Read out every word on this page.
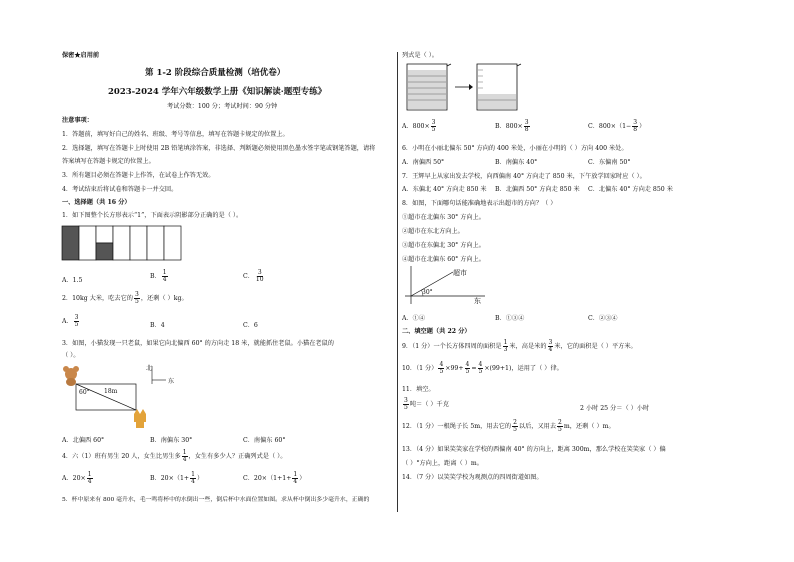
保密★启用前
第 1-2 阶段综合质量检测（培优卷）
2023-2024 学年六年级数学上册《知识解读·题型专练》
考试分数：100 分；考试时间：90 分钟
注意事项：
1．答题前，填写好自己的姓名、班级、考号等信息，填写在答题卡规定的位置上。
2．选择题，填写在答题卡上时使用 2B 铅笔填涂答案，非选择、判断题必须使用黑色墨水签字笔或钢笔答题，请将
答案填写在答题卡规定的位置上。
3．所有题目必须在答题卡上作答，在试卷上作答无效。
4．考试结束后将试卷和答题卡一并交回。
一、选择题（共 16 分）
1．如下图整个长方形表示“1”，下面表示阴影部分正确的是（ ）。
A．1.5
B． $\frac{1}{4}$	C． $\frac{3}{10}$
2．10kg 大米，吃去它的 $\frac{3}{5}$ ，还剩（ ）kg。
A． $\frac{3}{5}$	B．4	C．6
3．如图，小猫发现一只老鼠，如果它向北偏西 60° 的方向走 18 米，就能抓住老鼠。小猫在老鼠的
（ ）。
北
东
18m
60°
A．北偏西 60°	B．南偏东 30°	C．南偏东 60°
4．六（1）班有男生 20 人，女生比男生多 $\frac{1}{4}$ ，女生有多少人？正确列式是（ ）。
A．$20\times \frac{1}{4}$	B．$20\times(1+ \frac{1}{4}$ ）	C．$20\times(1+1+ \frac{1}{4}$ ）
5．杯中原来有 800 毫升水，毛一鸣将杯中的水倒出一些，倒后杯中水面位置如图。求从杯中倒出多少毫升水，正确的
列式是（ ）。
A．$800\times \frac{3}{5}$	B．$800\times \frac{3}{8}$	C．$800\times(1- \frac{3}{8}$ ）
6．小明在小丽北偏东 50° 方向的 400 米处，小丽在小明的（ ）方向 400 米处。
A．南偏西 50°	B．南偏东 40°	C．东偏南 50°
7．王辉早上从家出发去学校，向西偏南 40° 方向走了 850 米，下午放学回家时应（ ）。
A．东偏北 40° 方向走 850 米 B．北偏西 50° 方向走 850 米 C．北偏东 40° 方向走 850 米
8．如图，下面哪句话能准确地表示出超市的方向？（ ）
①超市在北偏东 30° 方向上。
②超市在东北方向上。
③超市在东偏北 30° 方向上。
④超市在北偏东 60° 方向上。
超市
东
30°
A．①④	B．①③④	C．②③④
二、填空题（共 22 分）
9．（1 分）一个长方体四周的面积是 $\frac{1}{3}$ 米，高是米的 $\frac{3}{4}$ 米，它的面积是（ ）平方米。
10．（1 分） $\frac{4}{5} \times 99+ \frac{4}{5} = \frac{4}{5} \times(99+1)$，运用了（ ）律。
11．填空。
$\frac{3}{5}$ 吨＝（ ）千克
2 小时 25 分＝（ ）小时
12．（1 分）一根绳子长 5m，用去它的 $\frac{2}{5}$ 以后，又用去 $\frac{2}{5}$ m，还剩（ ）m。
13．（4 分）如果笑笑家在学校的西偏南 40° 的方向上，距离 300m，那么学校在笑笑家（ ）偏
（ ）°方向上，距离（ ）m。
14．（7 分）以笑笑学校为观测点的四周街道如图。
